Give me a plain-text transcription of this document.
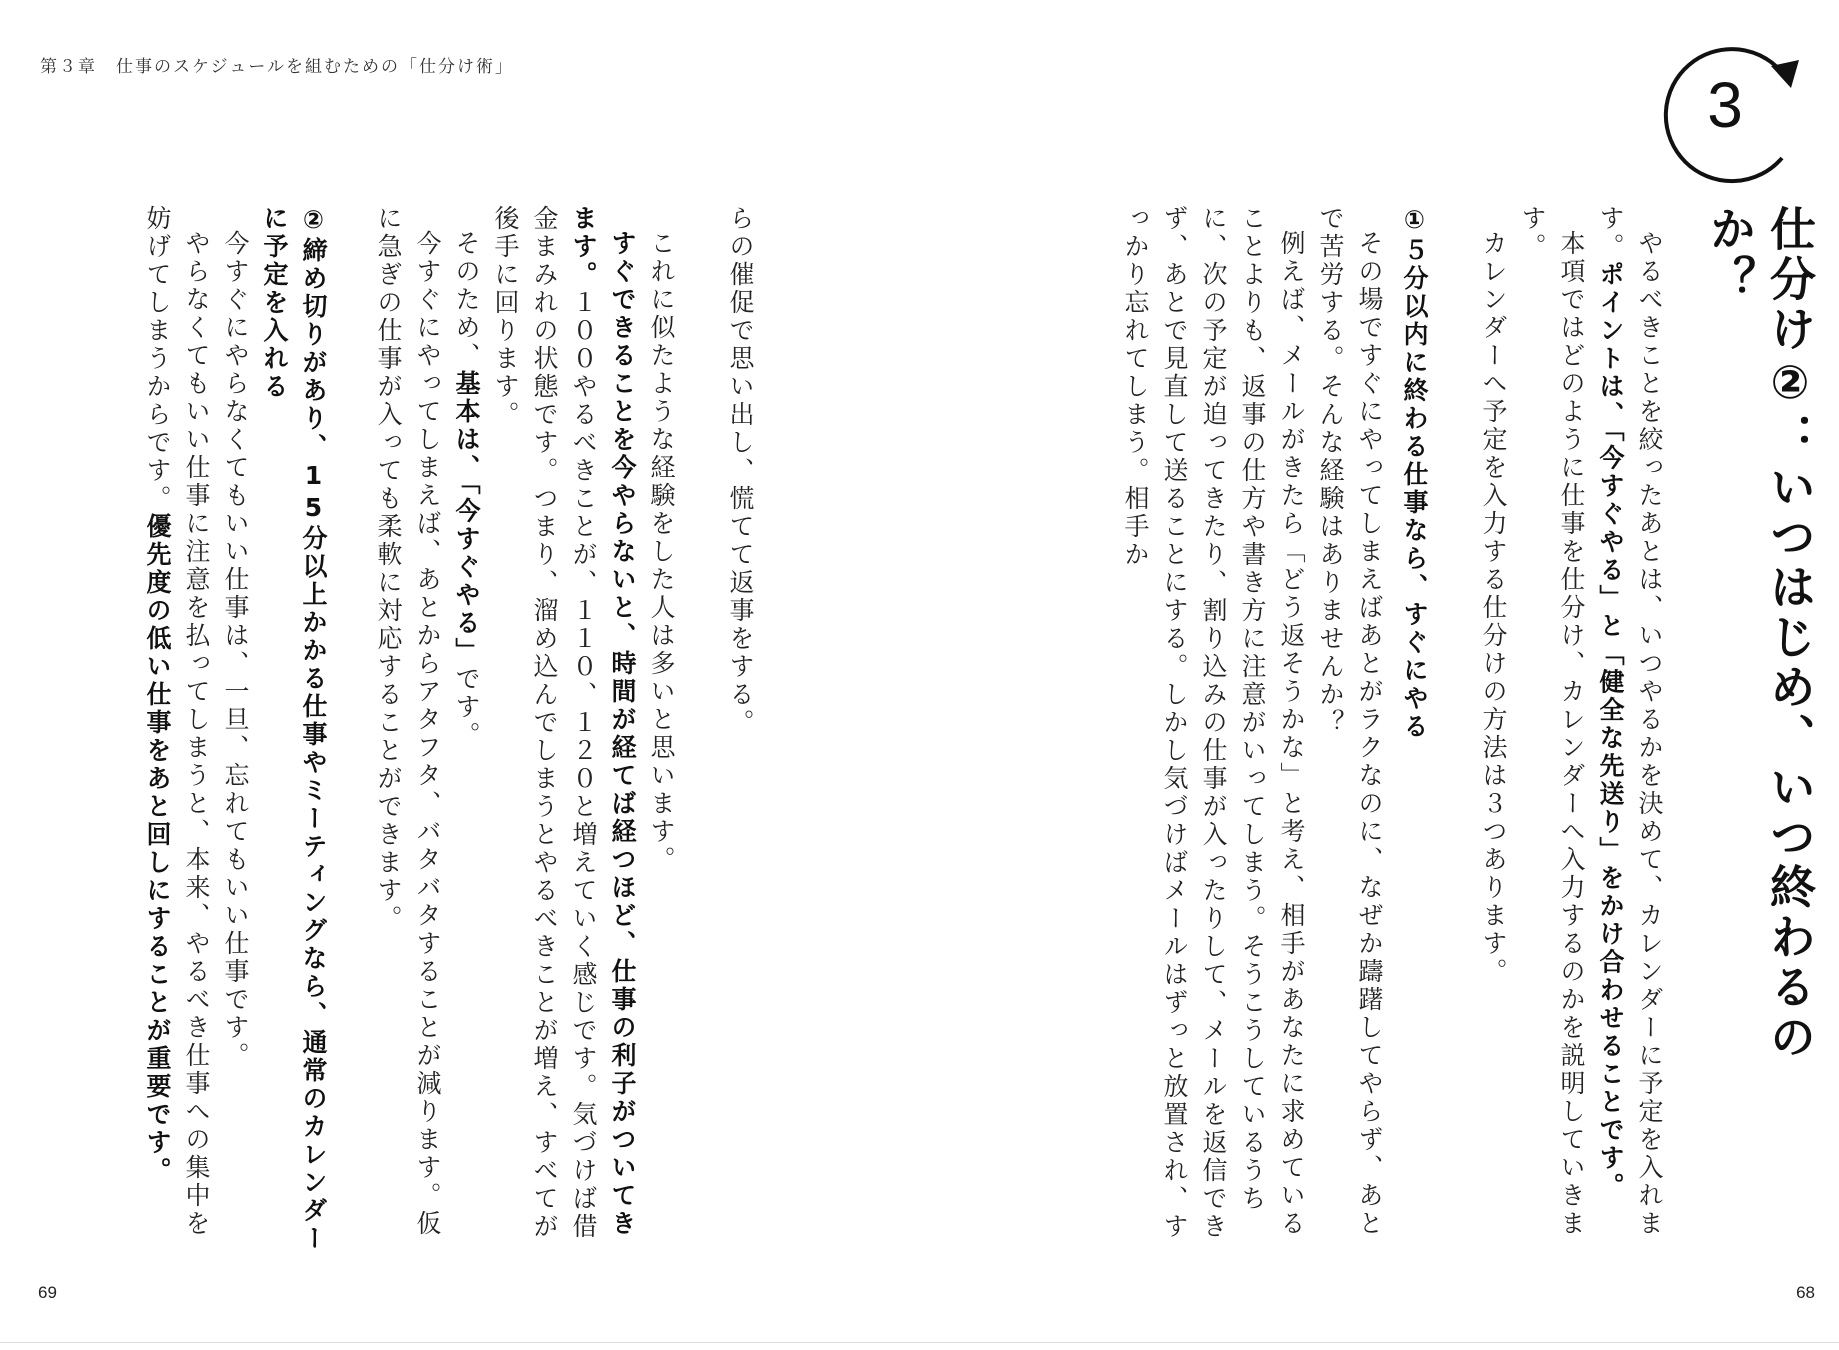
第３章　仕事のスケジュールを組むための「仕分け術」
3
仕分け②：いつはじめ、いつ終わるのか？

やるべきことを絞ったあとは、いつやるかを決めて、カレンダーに予定を入れます。ポイントは、「今すぐやる」と「健全な先送り」をかけ合わせることです。

本項ではどのように仕事を仕分け、カレンダーへ入力するのかを説明していきます。

カレンダーへ予定を入力する仕分けの方法は３つあります。

①５分以内に終わる仕事なら、すぐにやる

その場ですぐにやってしまえばあとがラクなのに、なぜか躊躇してやらず、あとで苦労する。そんな経験はありませんか？

例えば、メールがきたら「どう返そうかな」と考え、相手があなたに求めていることよりも、返事の仕方や書き方に注意がいってしまう。そうこうしているうちに、次の予定が迫ってきたり、割り込みの仕事が入ったりして、メールを返信できず、あとで見直して送ることにする。しかし気づけばメールはずっと放置され、すっかり忘れてしまう。相手か

らの催促で思い出し、慌てて返事をする。

これに似たような経験をした人は多いと思います。

すぐできることを今やらないと、時間が経てば経つほど、仕事の利子がついてきます。１００やるべきことが、１１０、１２０と増えていく感じです。気づけば借金まみれの状態です。つまり、溜め込んでしまうとやるべきことが増え、すべてが後手に回ります。

そのため、基本は、「今すぐやる」です。

今すぐにやってしまえば、あとからアタフタ、バタバタすることが減ります。仮に急ぎの仕事が入っても柔軟に対応することができます。

②締め切りがあり、15分以上かかる仕事やミーティングなら、通常のカレンダーに予定を入れる

今すぐにやらなくてもいい仕事は、一旦、忘れてもいい仕事です。

やらなくてもいい仕事に注意を払ってしまうと、本来、やるべき仕事への集中を妨げてしまうからです。優先度の低い仕事をあと回しにすることが重要です。

69	68
